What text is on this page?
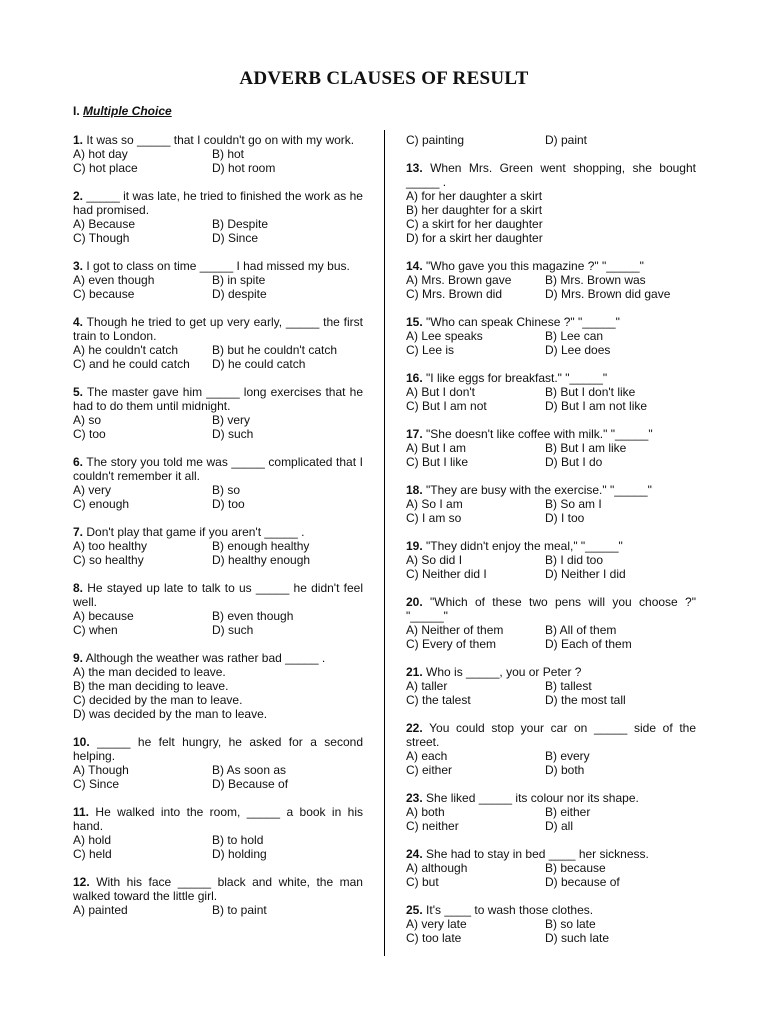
ADVERB CLAUSES OF RESULT
I. Multiple Choice
1. It was so _____ that I couldn't go on with my work.
A) hot day	B) hot
C) hot place	D) hot room
2. _____ it was late, he tried to finished the work as he had promised.
A) Because	B) Despite
C) Though	D) Since
3. I got to class on time _____ I had missed my bus.
A) even though	B) in spite
C) because	D) despite
4. Though he tried to get up very early, _____ the first train to London.
A) he couldn't catch	B) but he couldn't catch
C) and he could catch	D) he could catch
5. The master gave him _____ long exercises that he had to do them until midnight.
A) so	B) very
C) too	D) such
6. The story you told me was _____ complicated that I couldn't remember it all.
A) very	B) so
C) enough	D) too
7. Don't play that game if you aren't _____ .
A) too healthy	B) enough healthy
C) so healthy	D) healthy enough
8. He stayed up late to talk to us _____ he didn't feel well.
A) because	B) even though
C) when	D) such
9. Although the weather was rather bad _____ .
A) the man decided to leave.
B) the man deciding to leave.
C) decided by the man to leave.
D) was decided by the man to leave.
10. _____ he felt hungry, he asked for a second helping.
A) Though	B) As soon as
C) Since	D) Because of
11. He walked into the room, _____ a book in his hand.
A) hold	B) to hold
C) held	D) holding
12. With his face _____ black and white, the man walked toward the little girl.
A) painted	B) to paint
C) painting	D) paint
13. When Mrs. Green went shopping, she bought _____ .
A) for her daughter a skirt
B) her daughter for a skirt
C) a skirt for her daughter
D) for a skirt her daughter
14. "Who gave you this magazine ?" "_____"
A) Mrs. Brown gave	B) Mrs. Brown was
C) Mrs. Brown did	D) Mrs. Brown did gave
15. "Who can speak Chinese ?" "_____"
A) Lee speaks	B) Lee can
C) Lee is	D) Lee does
16. "I like eggs for breakfast." "_____"
A) But I don't	B) But I don't like
C) But I am not	D) But I am not like
17. "She doesn't like coffee with milk." "_____"
A) But I am	B) But I am like
C) But I like	D) But I do
18. "They are busy with the exercise." "_____"
A) So I am	B) So am I
C) I am so	D) I too
19. "They didn't enjoy the meal," "_____"
A) So did I	B) I did too
C) Neither did I	D) Neither I did
20. "Which of these two pens will you choose ?" "_____"
A) Neither of them	B) All of them
C) Every of them	D) Each of them
21. Who is _____, you or Peter ?
A) taller	B) tallest
C) the talest	D) the most tall
22. You could stop your car on _____ side of the street.
A) each	B) every
C) either	D) both
23. She liked _____ its colour nor its shape.
A) both	B) either
C) neither	D) all
24. She had to stay in bed ____ her sickness.
A) although	B) because
C) but	D) because of
25. It's ____ to wash those clothes.
A) very late	B) so late
C) too late	D) such late
